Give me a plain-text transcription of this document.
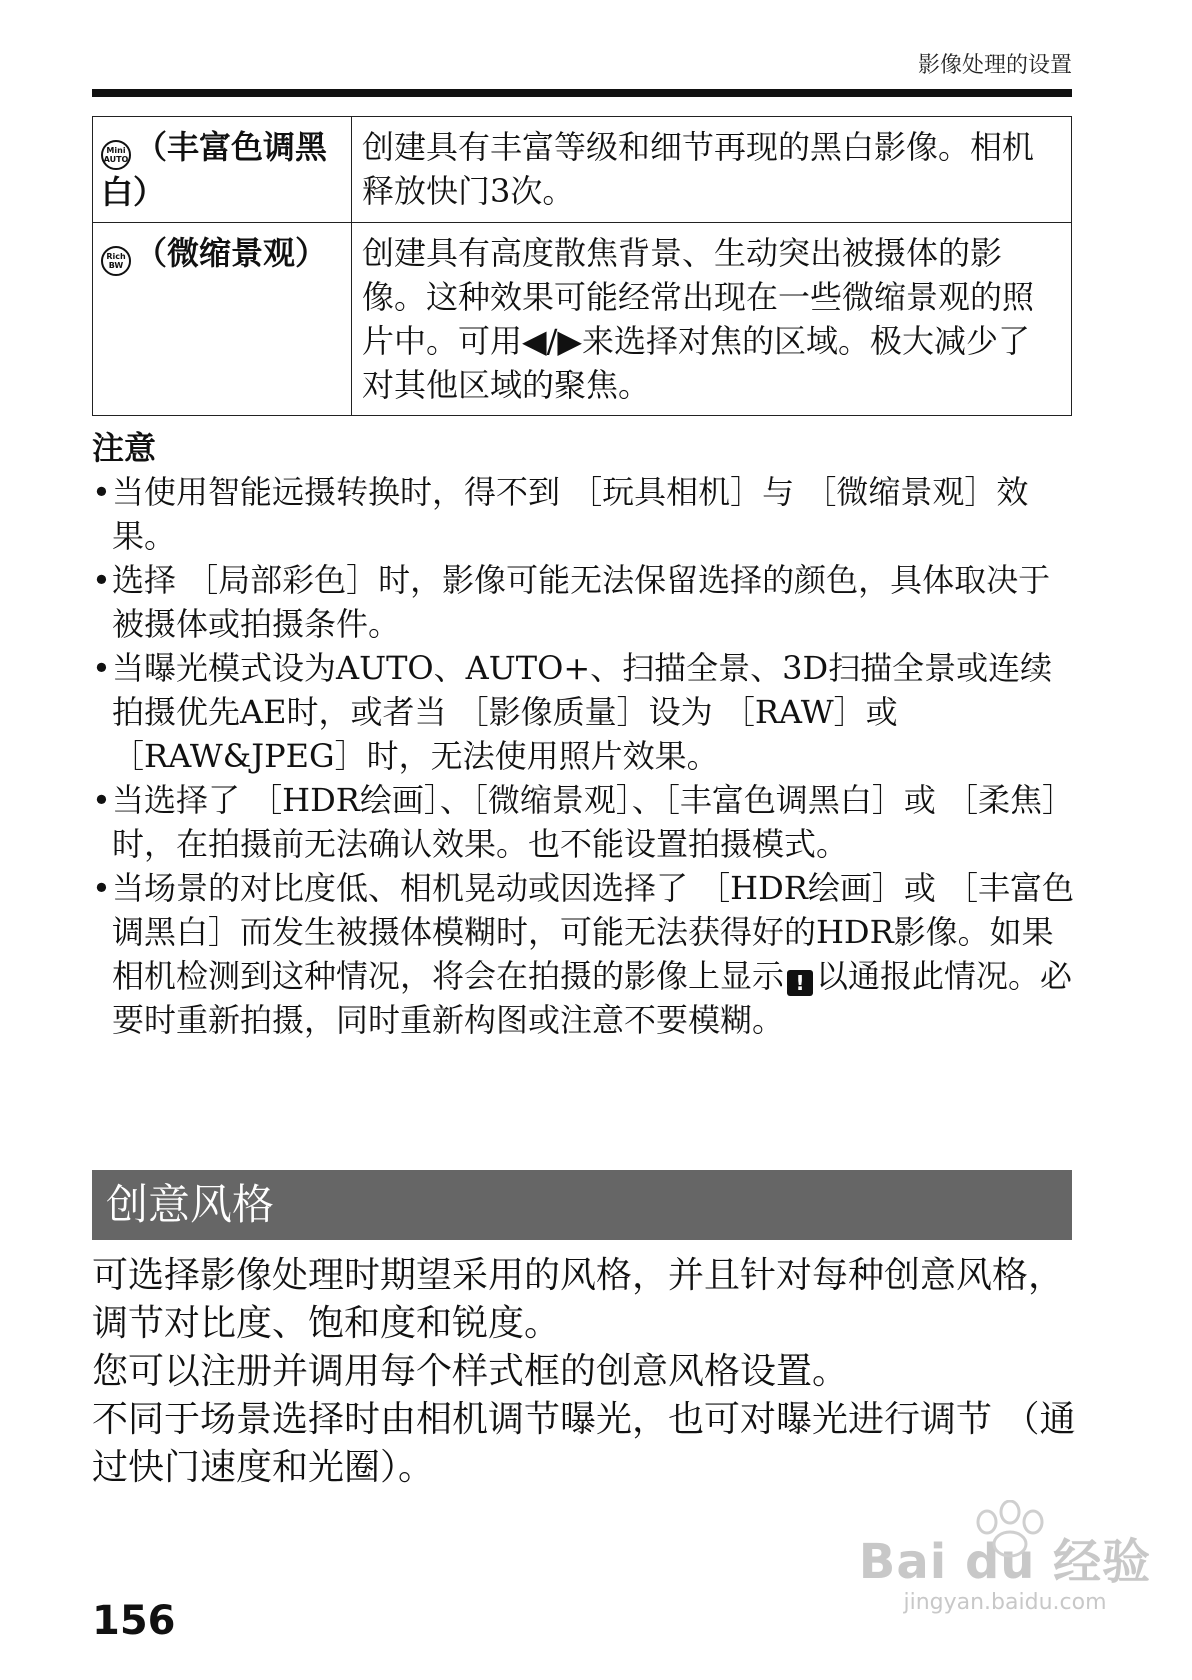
影像处理的设置
Mini
AUTO （丰富色调黑白）	创建具有丰富等级和细节再现的黑白影像。相机释放快门3次。

Rich
BW （微缩景观）	创建具有高度散焦背景、生动突出被摄体的影像。这种效果可能经常出现在一些微缩景观的照片中。可用◀/▶来选择对焦的区域。极大减少了对其他区域的聚焦。
注意
• 当使用智能远摄转换时，得不到 ［玩具相机］与 ［微缩景观］效果。
• 选择 ［局部彩色］时，影像可能无法保留选择的颜色，具体取决于被摄体或拍摄条件。
• 当曝光模式设为AUTO、AUTO+、扫描全景、3D扫描全景或连续拍摄优先AE时，或者当 ［影像质量］设为 ［RAW］或 ［RAW&JPEG］时，无法使用照片效果。
• 当选择了 ［HDR绘画］、［微缩景观］、［丰富色调黑白］或 ［柔焦］时，在拍摄前无法确认效果。也不能设置拍摄模式。
• 当场景的对比度低、相机晃动或因选择了 ［HDR绘画］或 ［丰富色调黑白］而发生被摄体模糊时，可能无法获得好的HDR影像。如果相机检测到这种情况，将会在拍摄的影像上显示 ! 以通报此情况。必要时重新拍摄，同时重新构图或注意不要模糊。
创意风格

可选择影像处理时期望采用的风格，并且针对每种创意风格，调节对比度、饱和度和锐度。

您可以注册并调用每个样式框的创意风格设置。

不同于场景选择时由相机调节曝光，也可对曝光进行调节 （通过快门速度和光圈）。

156
Bai du 经验
jingyan.baidu.com
